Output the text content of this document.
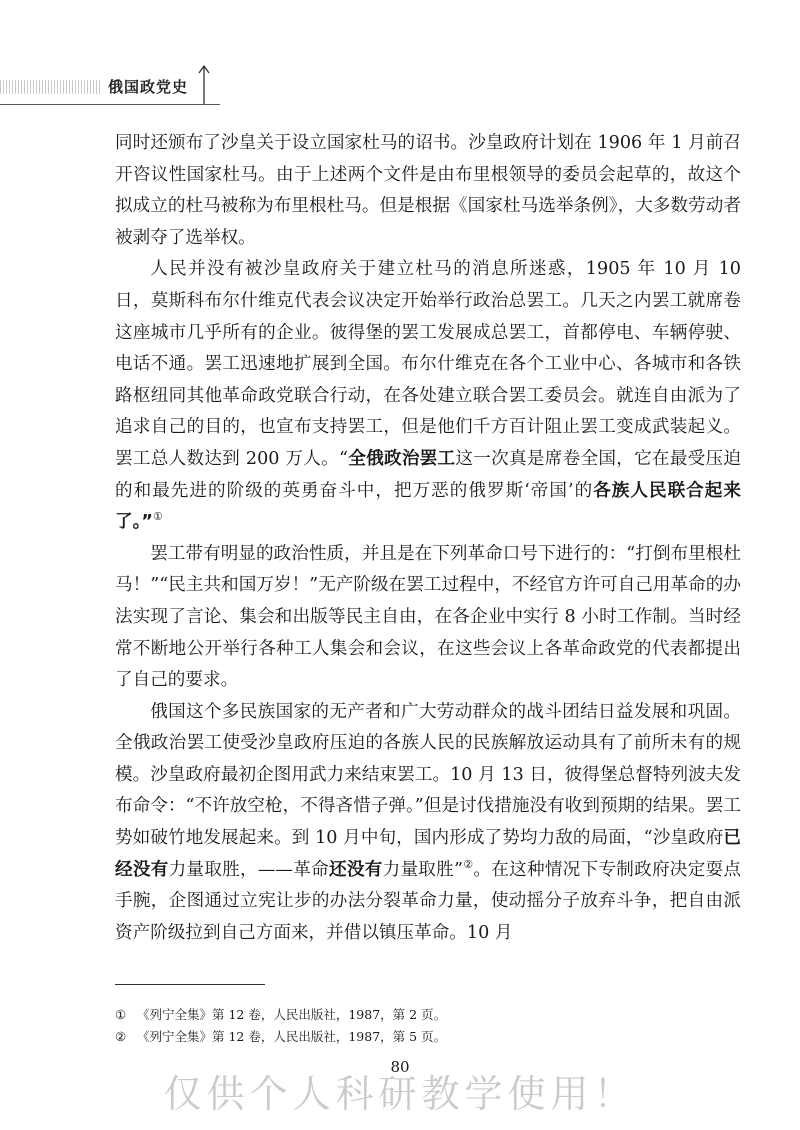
俄国政党史

同时还颁布了沙皇关于设立国家杜马的诏书。沙皇政府计划在 1906 年 1 月前召开咨议性国家杜马。由于上述两个文件是由布里根领导的委员会起草的，故这个拟成立的杜马被称为布里根杜马。但是根据《国家杜马选举条例》，大多数劳动者被剥夺了选举权。

人民并没有被沙皇政府关于建立杜马的消息所迷惑，1905 年 10 月 10 日，莫斯科布尔什维克代表会议决定开始举行政治总罢工。几天之内罢工就席卷这座城市几乎所有的企业。彼得堡的罢工发展成总罢工，首都停电、车辆停驶、电话不通。罢工迅速地扩展到全国。布尔什维克在各个工业中心、各城市和各铁路枢纽同其他革命政党联合行动，在各处建立联合罢工委员会。就连自由派为了追求自己的目的，也宣布支持罢工，但是他们千方百计阻止罢工变成武装起义。罢工总人数达到 200 万人。“全俄政治罢工这一次真是席卷全国，它在最受压迫的和最先进的阶级的英勇奋斗中，把万恶的俄罗斯‘帝国’的各族人民联合起来了。”①

罢工带有明显的政治性质，并且是在下列革命口号下进行的：“打倒布里根杜马！”“民主共和国万岁！”无产阶级在罢工过程中，不经官方许可自己用革命的办法实现了言论、集会和出版等民主自由，在各企业中实行 8 小时工作制。当时经常不断地公开举行各种工人集会和会议，在这些会议上各革命政党的代表都提出了自己的要求。

俄国这个多民族国家的无产者和广大劳动群众的战斗团结日益发展和巩固。全俄政治罢工使受沙皇政府压迫的各族人民的民族解放运动具有了前所未有的规模。沙皇政府最初企图用武力来结束罢工。10 月 13 日，彼得堡总督特列波夫发布命令：“不许放空枪，不得吝惜子弹。”但是讨伐措施没有收到预期的结果。罢工势如破竹地发展起来。到 10 月中旬，国内形成了势均力敌的局面，“沙皇政府已经没有力量取胜，——革命还没有力量取胜”②。在这种情况下专制政府决定耍点手腕，企图通过立宪让步的办法分裂革命力量，使动摇分子放弃斗争，把自由派资产阶级拉到自己方面来，并借以镇压革命。10 月

① 《列宁全集》第 12 卷，人民出版社，1987，第 2 页。
② 《列宁全集》第 12 卷，人民出版社，1987，第 5 页。
80
仅供个人科研教学使用！
